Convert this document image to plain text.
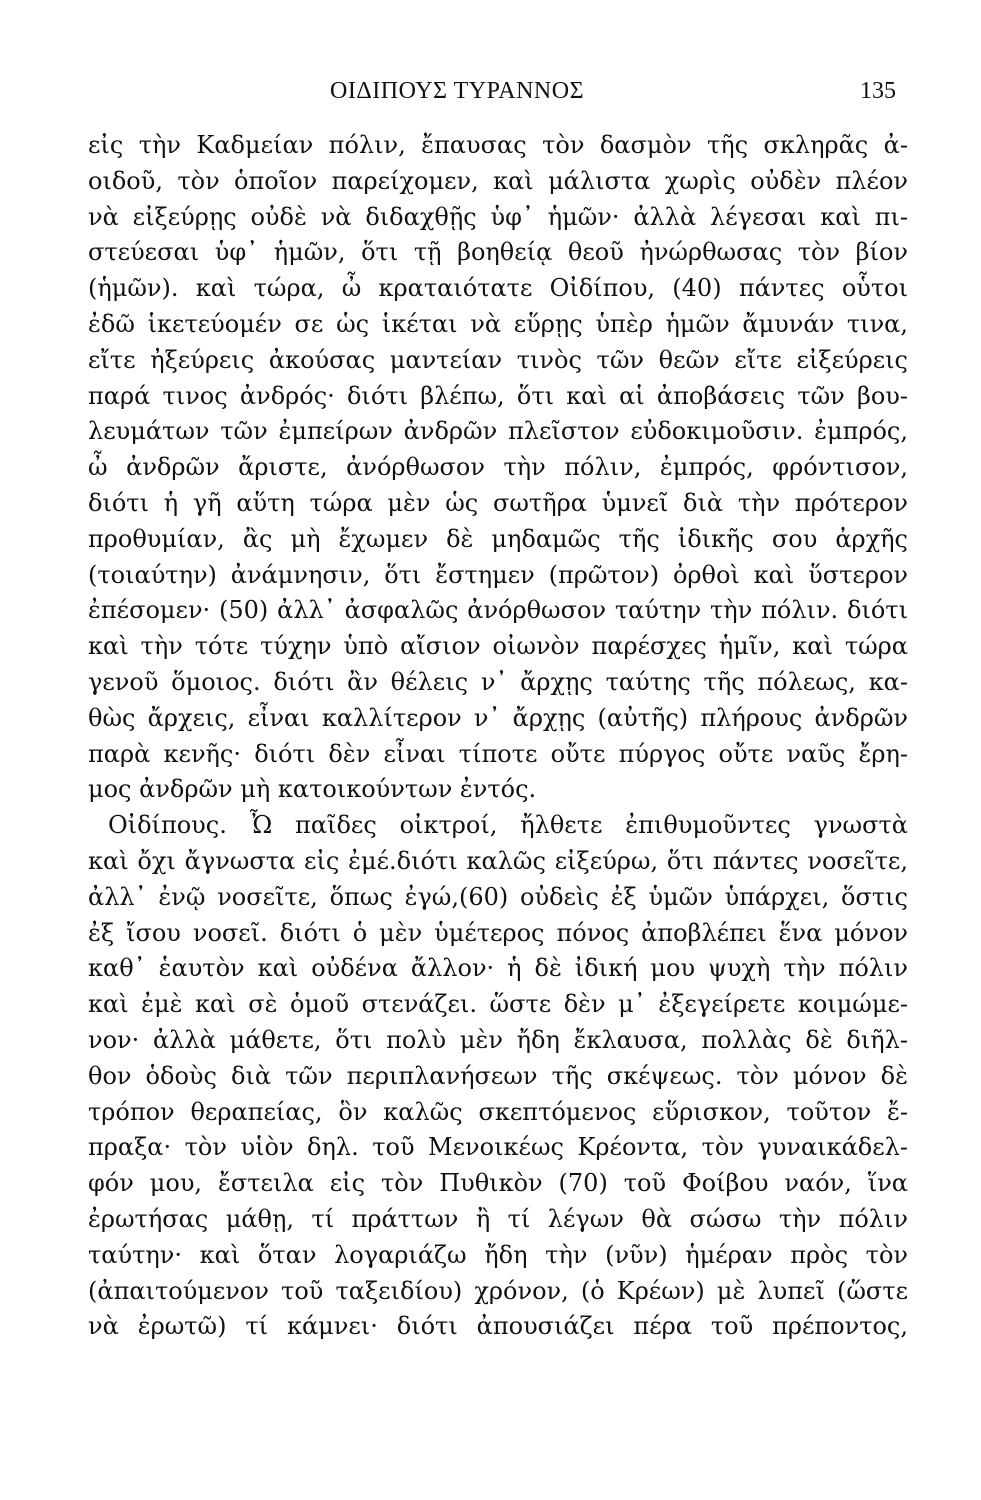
ΟΙΔΙΠΟΥΣ ΤΥΡΑΝΝΟΣ	135
εἰς τὴν Καδμείαν πόλιν, ἔπαυσας τὸν δασμὸν τῆς σκληρᾶς ἀ-
οιδοῦ, τὸν ὁποῖον παρείχομεν, καὶ μάλιστα χωρὶς οὐδὲν πλέον
νὰ εἰξεύρῃς οὐδὲ νὰ διδαχθῇς ὑφ᾽ ἡμῶν· ἀλλὰ λέγεσαι καὶ πι-
στεύεσαι ὑφ᾽ ἡμῶν, ὅτι τῇ βοηθείᾳ θεοῦ ἠνώρθωσας τὸν βίον
(ἡμῶν). καὶ τώρα, ὦ κραταιότατε Οἰδίπου, (40) πάντες οὗτοι
ἐδῶ ἱκετεύομέν σε ὡς ἱκέται νὰ εὕρῃς ὑπὲρ ἡμῶν ἄμυνάν τινα,
εἴτε ἠξεύρεις ἀκούσας μαντείαν τινὸς τῶν θεῶν εἴτε εἰξεύρεις
παρά τινος ἀνδρός· διότι βλέπω, ὅτι καὶ αἱ ἀποβάσεις τῶν βου-
λευμάτων τῶν ἐμπείρων ἀνδρῶν πλεῖστον εὐδοκιμοῦσιν. ἐμπρός,
ὦ ἀνδρῶν ἄριστε, ἀνόρθωσον τὴν πόλιν, ἐμπρός, φρόντισον,
διότι ἡ γῆ αὕτη τώρα μὲν ὡς σωτῆρα ὑμνεῖ διὰ τὴν πρότερον
προθυμίαν, ἂς μὴ ἔχωμεν δὲ μηδαμῶς τῆς ἰδικῆς σου ἀρχῆς
(τοιαύτην) ἀνάμνησιν, ὅτι ἔστημεν (πρῶτον) ὀρθοὶ καὶ ὕστερον
ἐπέσομεν· (50) ἀλλ᾽ ἀσφαλῶς ἀνόρθωσον ταύτην τὴν πόλιν. διότι
καὶ τὴν τότε τύχην ὑπὸ αἴσιον οἰωνὸν παρέσχες ἡμῖν, καὶ τώρα
γενοῦ ὅμοιος. διότι ἂν θέλεις ν᾽ ἄρχῃς ταύτης τῆς πόλεως, κα-
θὼς ἄρχεις, εἶναι καλλίτερον ν᾽ ἄρχῃς (αὐτῆς) πλήρους ἀνδρῶν
παρὰ κενῆς· διότι δὲν εἶναι τίποτε οὔτε πύργος οὔτε ναῦς ἔρη-
μος ἀνδρῶν μὴ κατοικούντων ἐντός.
Οἰδίπους. Ὦ παῖδες οἰκτροί, ἤλθετε ἐπιθυμοῦντες γνωστὰ
καὶ ὄχι ἄγνωστα εἰς ἐμέ.διότι καλῶς εἰξεύρω, ὅτι πάντες νοσεῖτε,
ἀλλ᾽ ἐνῷ νοσεῖτε, ὅπως ἐγώ,(60) οὐδεὶς ἐξ ὑμῶν ὑπάρχει, ὅστις
ἐξ ἴσου νοσεῖ. διότι ὁ μὲν ὑμέτερος πόνος ἀποβλέπει ἕνα μόνον
καθ᾽ ἑαυτὸν καὶ οὐδένα ἄλλον· ἡ δὲ ἰδική μου ψυχὴ τὴν πόλιν
καὶ ἐμὲ καὶ σὲ ὁμοῦ στενάζει. ὥστε δὲν μ᾽ ἐξεγείρετε κοιμώμε-
νον· ἀλλὰ μάθετε, ὅτι πολὺ μὲν ἤδη ἔκλαυσα, πολλὰς δὲ διῆλ-
θον ὁδοὺς διὰ τῶν περιπλανήσεων τῆς σκέψεως. τὸν μόνον δὲ
τρόπον θεραπείας, ὃν καλῶς σκεπτόμενος εὕρισκον, τοῦτον ἔ-
πραξα· τὸν υἱὸν δηλ. τοῦ Μενοικέως Κρέοντα, τὸν γυναικάδελ-
φόν μου, ἔστειλα εἰς τὸν Πυθικὸν (70) τοῦ Φοίβου ναόν, ἵνα
ἐρωτήσας μάθῃ, τί πράττων ἢ τί λέγων θὰ σώσω τὴν πόλιν
ταύτην· καὶ ὅταν λογαριάζω ἤδη τὴν (νῦν) ἡμέραν πρὸς τὸν
(ἀπαιτούμενον τοῦ ταξειδίου) χρόνον, (ὁ Κρέων) μὲ λυπεῖ (ὥστε
νὰ ἐρωτῶ) τί κάμνει· διότι ἀπουσιάζει πέρα τοῦ πρέποντος,
